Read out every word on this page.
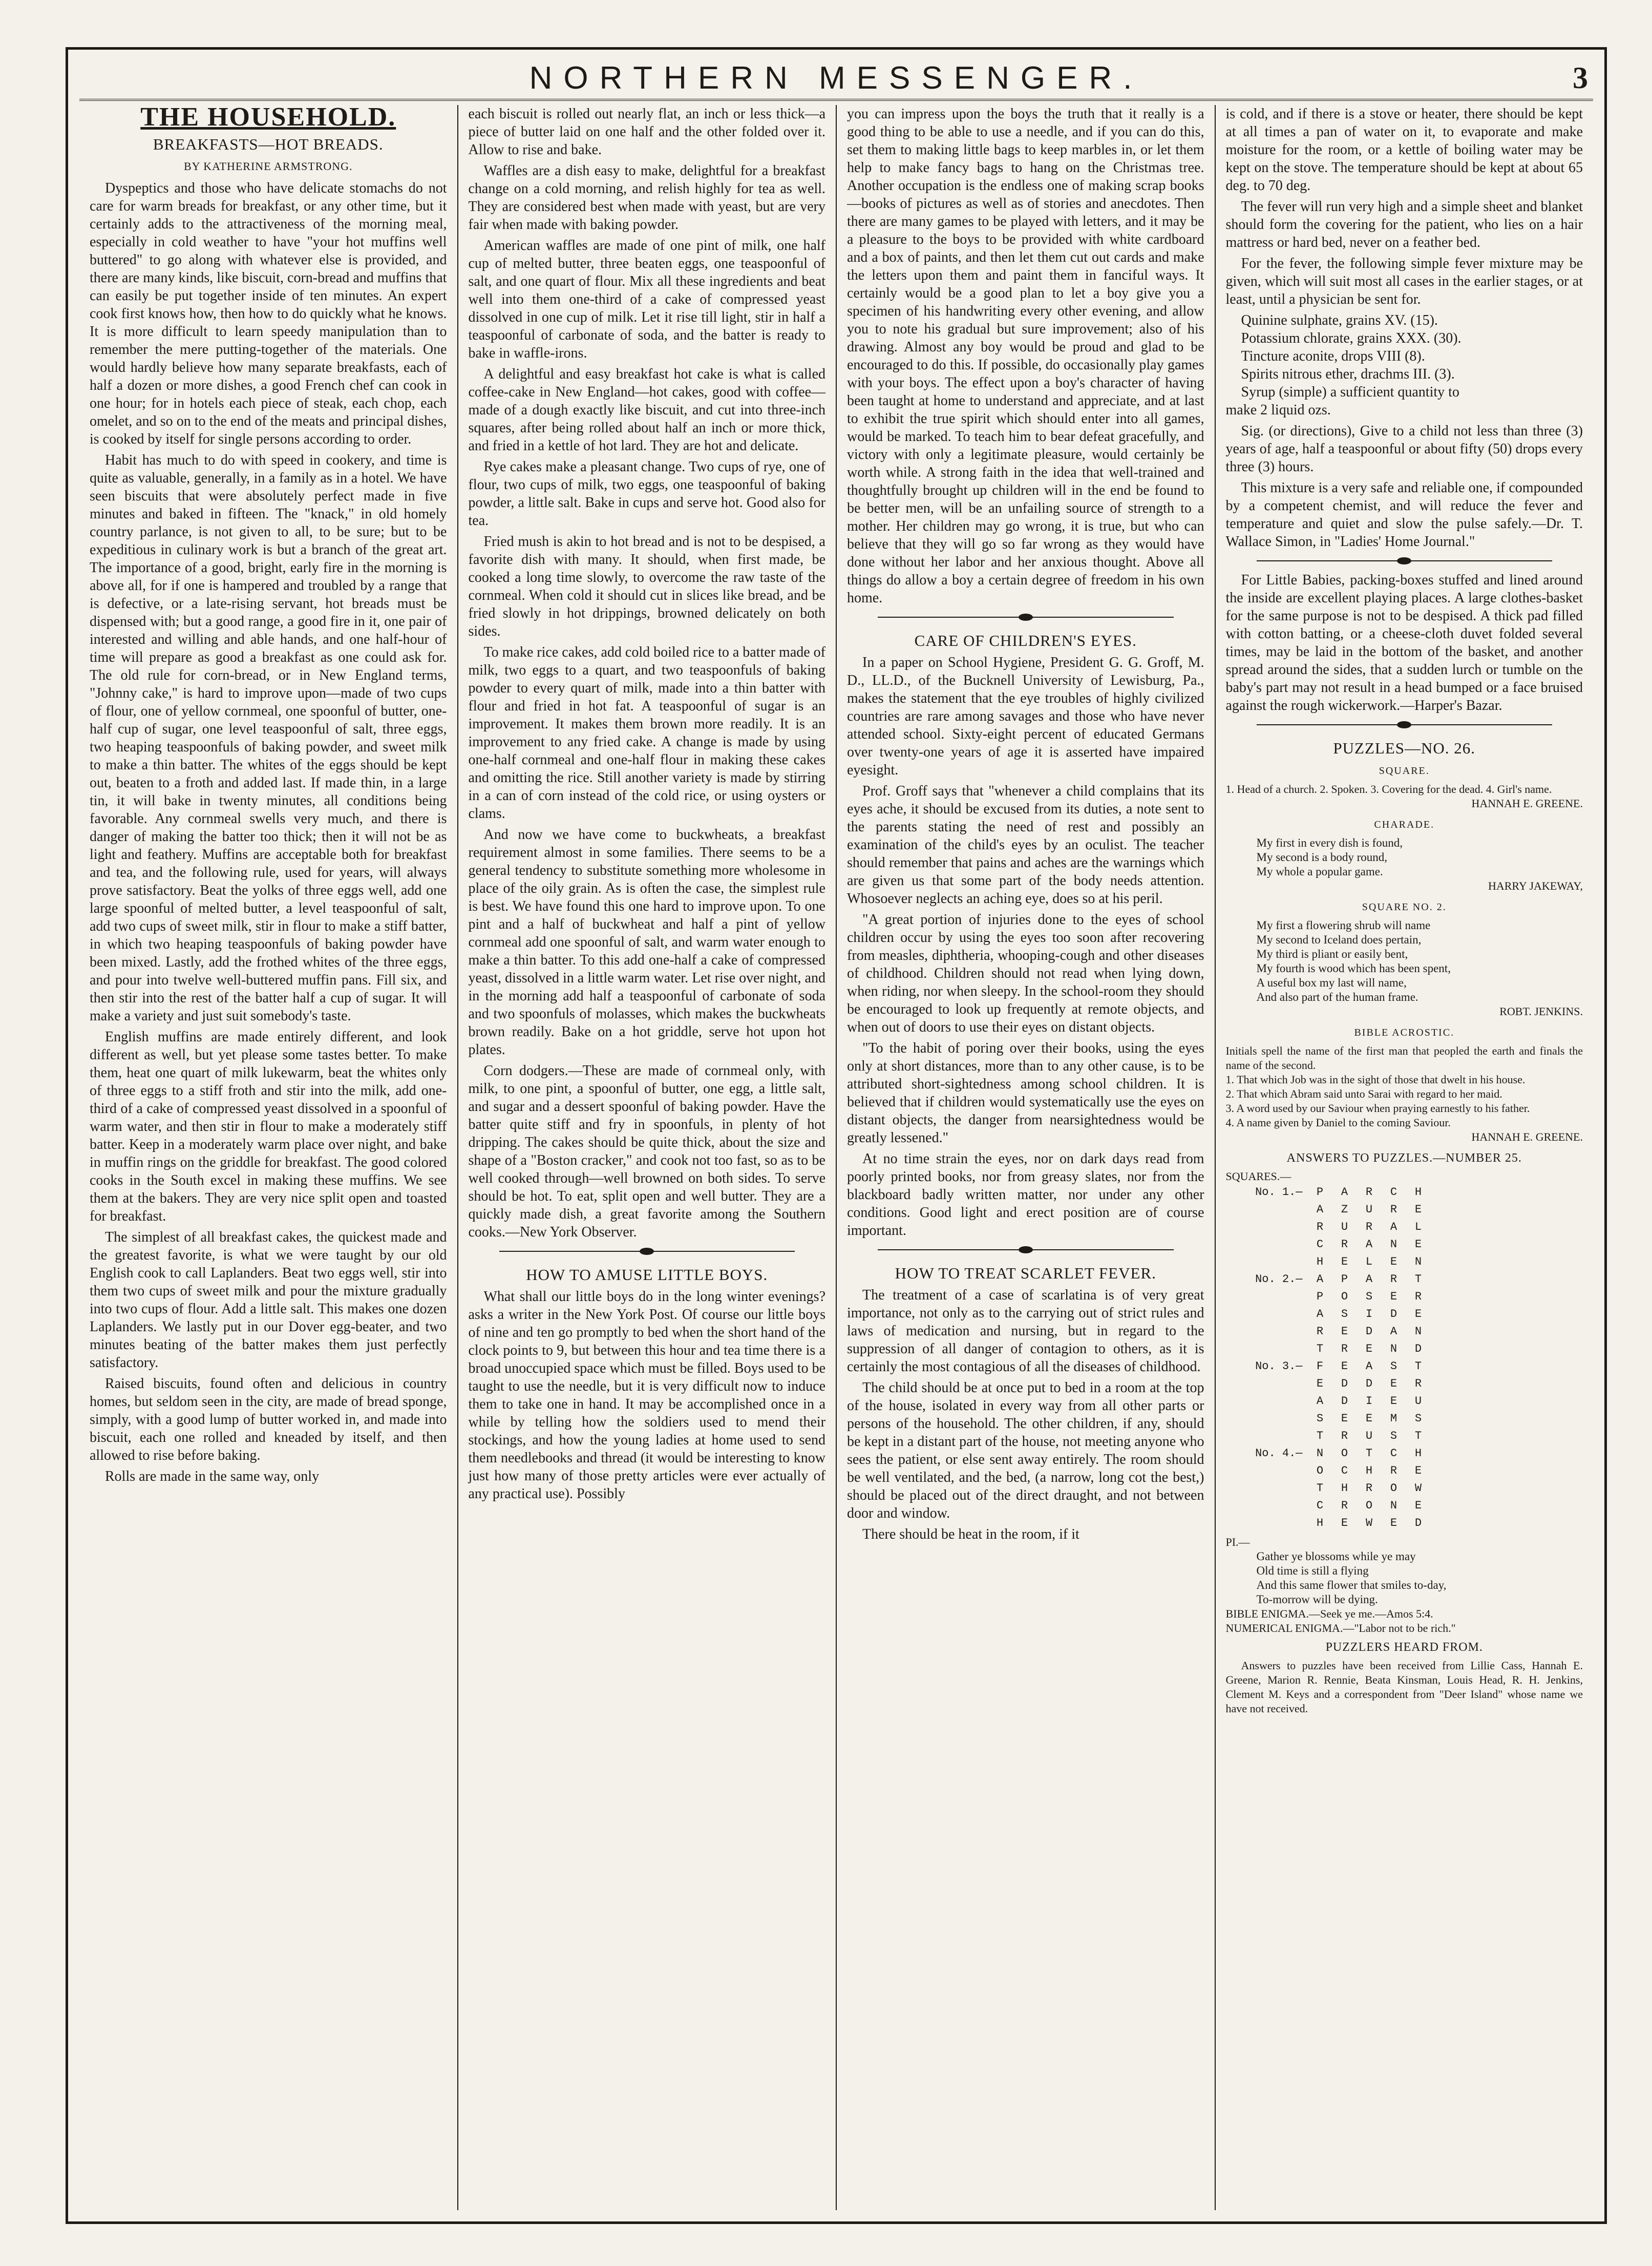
NORTHERN MESSENGER.	3
THE HOUSEHOLD.
BREAKFASTS—HOT BREADS.
BY KATHERINE ARMSTRONG.

Dyspeptics and those who have delicate stomachs do not care for warm breads for breakfast, or any other time, but it certainly adds to the attractiveness of the morning meal, especially in cold weather to have "your hot muffins well buttered" to go along with whatever else is provided, and there are many kinds, like biscuit, corn-bread and muffins that can easily be put together inside of ten minutes. An expert cook first knows how, then how to do quickly what he knows. It is more difficult to learn speedy manipulation than to remember the mere putting-together of the materials. One would hardly believe how many separate breakfasts, each of half a dozen or more dishes, a good French chef can cook in one hour; for in hotels each piece of steak, each chop, each omelet, and so on to the end of the meats and principal dishes, is cooked by itself for single persons according to order.

Habit has much to do with speed in cookery, and time is quite as valuable, generally, in a family as in a hotel. We have seen biscuits that were absolutely perfect made in five minutes and baked in fifteen. The "knack," in old homely country parlance, is not given to all, to be sure; but to be expeditious in culinary work is but a branch of the great art. The importance of a good, bright, early fire in the morning is above all, for if one is hampered and troubled by a range that is defective, or a late-rising servant, hot breads must be dispensed with; but a good range, a good fire in it, one pair of interested and willing and able hands, and one half-hour of time will prepare as good a breakfast as one could ask for. The old rule for corn-bread, or in New England terms, "Johnny cake," is hard to improve upon—made of two cups of flour, one of yellow cornmeal, one spoonful of butter, one-half cup of sugar, one level teaspoonful of salt, three eggs, two heaping teaspoonfuls of baking powder, and sweet milk to make a thin batter. The whites of the eggs should be kept out, beaten to a froth and added last. If made thin, in a large tin, it will bake in twenty minutes, all conditions being favorable. Any cornmeal swells very much, and there is danger of making the batter too thick; then it will not be as light and feathery. Muffins are acceptable both for breakfast and tea, and the following rule, used for years, will always prove satisfactory. Beat the yolks of three eggs well, add one large spoonful of melted butter, a level teaspoonful of salt, add two cups of sweet milk, stir in flour to make a stiff batter, in which two heaping teaspoonfuls of baking powder have been mixed. Lastly, add the frothed whites of the three eggs, and pour into twelve well-buttered muffin pans. Fill six, and then stir into the rest of the batter half a cup of sugar. It will make a variety and just suit somebody's taste.

English muffins are made entirely different, and look different as well, but yet please some tastes better. To make them, heat one quart of milk lukewarm, beat the whites only of three eggs to a stiff froth and stir into the milk, add one-third of a cake of compressed yeast dissolved in a spoonful of warm water, and then stir in flour to make a moderately stiff batter. Keep in a moderately warm place over night, and bake in muffin rings on the griddle for breakfast. The good colored cooks in the South excel in making these muffins. We see them at the bakers. They are very nice split open and toasted for breakfast.

The simplest of all breakfast cakes, the quickest made and the greatest favorite, is what we were taught by our old English cook to call Laplanders. Beat two eggs well, stir into them two cups of sweet milk and pour the mixture gradually into two cups of flour. Add a little salt. This makes one dozen Laplanders. We lastly put in our Dover egg-beater, and two minutes beating of the batter makes them just perfectly satisfactory.

Raised biscuits, found often and delicious in country homes, but seldom seen in the city, are made of bread sponge, simply, with a good lump of butter worked in, and made into biscuit, each one rolled and kneaded by itself, and then allowed to rise before baking.

Rolls are made in the same way, only

each biscuit is rolled out nearly flat, an inch or less thick—a piece of butter laid on one half and the other folded over it. Allow to rise and bake.

Waffles are a dish easy to make, delightful for a breakfast change on a cold morning, and relish highly for tea as well. They are considered best when made with yeast, but are very fair when made with baking powder.

American waffles are made of one pint of milk, one half cup of melted butter, three beaten eggs, one teaspoonful of salt, and one quart of flour. Mix all these ingredients and beat well into them one-third of a cake of compressed yeast dissolved in one cup of milk. Let it rise till light, stir in half a teaspoonful of carbonate of soda, and the batter is ready to bake in waffle-irons.

A delightful and easy breakfast hot cake is what is called coffee-cake in New England—hot cakes, good with coffee—made of a dough exactly like biscuit, and cut into three-inch squares, after being rolled about half an inch or more thick, and fried in a kettle of hot lard. They are hot and delicate.

Rye cakes make a pleasant change. Two cups of rye, one of flour, two cups of milk, two eggs, one teaspoonful of baking powder, a little salt. Bake in cups and serve hot. Good also for tea.

Fried mush is akin to hot bread and is not to be despised, a favorite dish with many. It should, when first made, be cooked a long time slowly, to overcome the raw taste of the cornmeal. When cold it should cut in slices like bread, and be fried slowly in hot drippings, browned delicately on both sides.

To make rice cakes, add cold boiled rice to a batter made of milk, two eggs to a quart, and two teaspoonfuls of baking powder to every quart of milk, made into a thin batter with flour and fried in hot fat. A teaspoonful of sugar is an improvement. It makes them brown more readily. It is an improvement to any fried cake. A change is made by using one-half cornmeal and one-half flour in making these cakes and omitting the rice. Still another variety is made by stirring in a can of corn instead of the cold rice, or using oysters or clams.

And now we have come to buckwheats, a breakfast requirement almost in some families. There seems to be a general tendency to substitute something more wholesome in place of the oily grain. As is often the case, the simplest rule is best. We have found this one hard to improve upon. To one pint and a half of buckwheat and half a pint of yellow cornmeal add one spoonful of salt, and warm water enough to make a thin batter. To this add one-half a cake of compressed yeast, dissolved in a little warm water. Let rise over night, and in the morning add half a teaspoonful of carbonate of soda and two spoonfuls of molasses, which makes the buckwheats brown readily. Bake on a hot griddle, serve hot upon hot plates.

Corn dodgers.—These are made of cornmeal only, with milk, to one pint, a spoonful of butter, one egg, a little salt, and sugar and a dessert spoonful of baking powder. Have the batter quite stiff and fry in spoonfuls, in plenty of hot dripping. The cakes should be quite thick, about the size and shape of a "Boston cracker," and cook not too fast, so as to be well cooked through—well browned on both sides. To serve should be hot. To eat, split open and well butter. They are a quickly made dish, a great favorite among the Southern cooks.—New York Observer.

HOW TO AMUSE LITTLE BOYS.

What shall our little boys do in the long winter evenings? asks a writer in the New York Post. Of course our little boys of nine and ten go promptly to bed when the short hand of the clock points to 9, but between this hour and tea time there is a broad unoccupied space which must be filled. Boys used to be taught to use the needle, but it is very difficult now to induce them to take one in hand. It may be accomplished once in a while by telling how the soldiers used to mend their stockings, and how the young ladies at home used to send them needlebooks and thread (it would be interesting to know just how many of those pretty articles were ever actually of any practical use). Possibly

you can impress upon the boys the truth that it really is a good thing to be able to use a needle, and if you can do this, set them to making little bags to keep marbles in, or let them help to make fancy bags to hang on the Christmas tree. Another occupation is the endless one of making scrap books—books of pictures as well as of stories and anecdotes. Then there are many games to be played with letters, and it may be a pleasure to the boys to be provided with white cardboard and a box of paints, and then let them cut out cards and make the letters upon them and paint them in fanciful ways. It certainly would be a good plan to let a boy give you a specimen of his handwriting every other evening, and allow you to note his gradual but sure improvement; also of his drawing. Almost any boy would be proud and glad to be encouraged to do this. If possible, do occasionally play games with your boys. The effect upon a boy's character of having been taught at home to understand and appreciate, and at last to exhibit the true spirit which should enter into all games, would be marked. To teach him to bear defeat gracefully, and victory with only a legitimate pleasure, would certainly be worth while. A strong faith in the idea that well-trained and thoughtfully brought up children will in the end be found to be better men, will be an unfailing source of strength to a mother. Her children may go wrong, it is true, but who can believe that they will go so far wrong as they would have done without her labor and her anxious thought. Above all things do allow a boy a certain degree of freedom in his own home.

CARE OF CHILDREN'S EYES.

In a paper on School Hygiene, President G. G. Groff, M. D., LL.D., of the Bucknell University of Lewisburg, Pa., makes the statement that the eye troubles of highly civilized countries are rare among savages and those who have never attended school. Sixty-eight percent of educated Germans over twenty-one years of age it is asserted have impaired eyesight.

Prof. Groff says that "whenever a child complains that its eyes ache, it should be excused from its duties, a note sent to the parents stating the need of rest and possibly an examination of the child's eyes by an oculist. The teacher should remember that pains and aches are the warnings which are given us that some part of the body needs attention. Whosoever neglects an aching eye, does so at his peril.

"A great portion of injuries done to the eyes of school children occur by using the eyes too soon after recovering from measles, diphtheria, whooping-cough and other diseases of childhood. Children should not read when lying down, when riding, nor when sleepy. In the school-room they should be encouraged to look up frequently at remote objects, and when out of doors to use their eyes on distant objects.

"To the habit of poring over their books, using the eyes only at short distances, more than to any other cause, is to be attributed short-sightedness among school children. It is believed that if children would systematically use the eyes on distant objects, the danger from nearsightedness would be greatly lessened."

At no time strain the eyes, nor on dark days read from poorly printed books, nor from greasy slates, nor from the blackboard badly written matter, nor under any other conditions. Good light and erect position are of course important.

HOW TO TREAT SCARLET FEVER.

The treatment of a case of scarlatina is of very great importance, not only as to the carrying out of strict rules and laws of medication and nursing, but in regard to the suppression of all danger of contagion to others, as it is certainly the most contagious of all the diseases of childhood.

The child should be at once put to bed in a room at the top of the house, isolated in every way from all other parts or persons of the household. The other children, if any, should be kept in a distant part of the house, not meeting anyone who sees the patient, or else sent away entirely. The room should be well ventilated, and the bed, (a narrow, long cot the best,) should be placed out of the direct draught, and not between door and window.

There should be heat in the room, if it

is cold, and if there is a stove or heater, there should be kept at all times a pan of water on it, to evaporate and make moisture for the room, or a kettle of boiling water may be kept on the stove. The temperature should be kept at about 65 deg. to 70 deg.

The fever will run very high and a simple sheet and blanket should form the covering for the patient, who lies on a hair mattress or hard bed, never on a feather bed.

For the fever, the following simple fever mixture may be given, which will suit most all cases in the earlier stages, or at least, until a physician be sent for.

Quinine sulphate, grains XV. (15).
Potassium chlorate, grains XXX. (30).
Tincture aconite, drops VIII (8).
Spirits nitrous ether, drachms III. (3).
Syrup (simple) a sufficient quantity to

make 2 liquid ozs.

Sig. (or directions), Give to a child not less than three (3) years of age, half a teaspoonful or about fifty (50) drops every three (3) hours.

This mixture is a very safe and reliable one, if compounded by a competent chemist, and will reduce the fever and temperature and quiet and slow the pulse safely.—Dr. T. Wallace Simon, in "Ladies' Home Journal."

For Little Babies, packing-boxes stuffed and lined around the inside are excellent playing places. A large clothes-basket for the same purpose is not to be despised. A thick pad filled with cotton batting, or a cheese-cloth duvet folded several times, may be laid in the bottom of the basket, and another spread around the sides, that a sudden lurch or tumble on the baby's part may not result in a head bumped or a face bruised against the rough wickerwork.—Harper's Bazar.

PUZZLES—NO. 26.
SQUARE.
1. Head of a church. 2. Spoken. 3. Covering for the dead. 4. Girl's name.
HANNAH E. GREENE.
CHARADE.
My first in every dish is found,
My second is a body round,
My whole a popular game.
HARRY JAKEWAY,
SQUARE NO. 2.
My first a flowering shrub will name
My second to Iceland does pertain,
My third is pliant or easily bent,
My fourth is wood which has been spent,
A useful box my last will name,
And also part of the human frame.
ROBT. JENKINS.
BIBLE ACROSTIC.
Initials spell the name of the first man that peopled the earth and finals the name of the second.
1. That which Job was in the sight of those that dwelt in his house.
2. That which Abram said unto Sarai with regard to her maid.
3. A word used by our Saviour when praying earnestly to his father.
4. A name given by Daniel to the coming Saviour.
HANNAH E. GREENE.
ANSWERS TO PUZZLES.—NUMBER 25.
SQUARES.—
No. 1.—	P	A	R	C	H
A	Z	U	R	E
R	U	R	A	L
C	R	A	N	E
H	E	L	E	N
No. 2.—	A	P	A	R	T
P	O	S	E	R
A	S	I	D	E
R	E	D	A	N
T	R	E	N	D
No. 3.—	F	E	A	S	T
E	D	D	E	R
A	D	I	E	U
S	E	E	M	S
T	R	U	S	T
No. 4.—	N	O	T	C	H
O	C	H	R	E
T	H	R	O	W
C	R	O	N	E
H	E	W	E	D
PI.—
Gather ye blossoms while ye may
Old time is still a flying
And this same flower that smiles to-day,
To-morrow will be dying.
BIBLE ENIGMA.—Seek ye me.—Amos 5:4.
NUMERICAL ENIGMA.—"Labor not to be rich."
PUZZLERS HEARD FROM.

Answers to puzzles have been received from Lillie Cass, Hannah E. Greene, Marion R. Rennie, Beata Kinsman, Louis Head, R. H. Jenkins, Clement M. Keys and a correspondent from "Deer Island" whose name we have not received.
